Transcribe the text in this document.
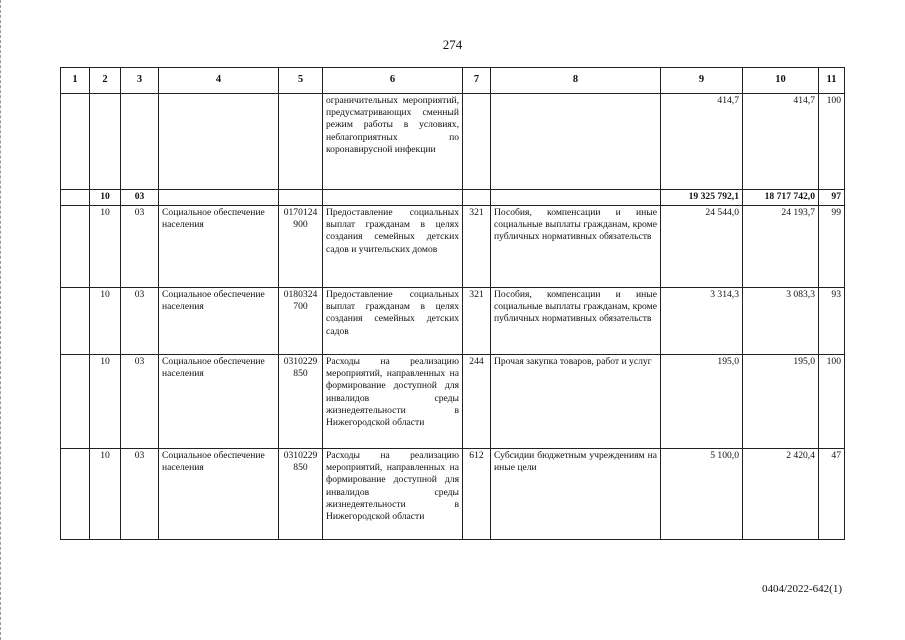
274
1	2	3	4	5	6	7	8	9	10	11
					ограничительных мероприятий, предусматривающих сменный режим работы в условиях, неблагоприятных по коронавирусной инфекции			414,7	414,7	100
	10	03						19 325 792,1	18 717 742,0	97
	10	03	Социальное обеспечение населения	0170124900	Предоставление социальных выплат гражданам в целях создания семейных детских садов и учительских домов	321	Пособия, компенсации и иные социальные выплаты гражданам, кроме публичных нормативных обязательств	24 544,0	24 193,7	99
	10	03	Социальное обеспечение населения	0180324700	Предоставление социальных выплат гражданам в целях создания семейных детских садов	321	Пособия, компенсации и иные социальные выплаты гражданам, кроме публичных нормативных обязательств	3 314,3	3 083,3	93
	10	03	Социальное обеспечение населения	0310229850	Расходы на реализацию мероприятий, направленных на формирование доступной для инвалидов среды жизнедеятельности в Нижегородской области	244	Прочая закупка товаров, работ и услуг	195,0	195,0	100
	10	03	Социальное обеспечение населения	0310229850	Расходы на реализацию мероприятий, направленных на формирование доступной для инвалидов среды жизнедеятельности в Нижегородской области	612	Субсидии бюджетным учреждениям на иные цели	5 100,0	2 420,4	47
0404/2022-642(1)
